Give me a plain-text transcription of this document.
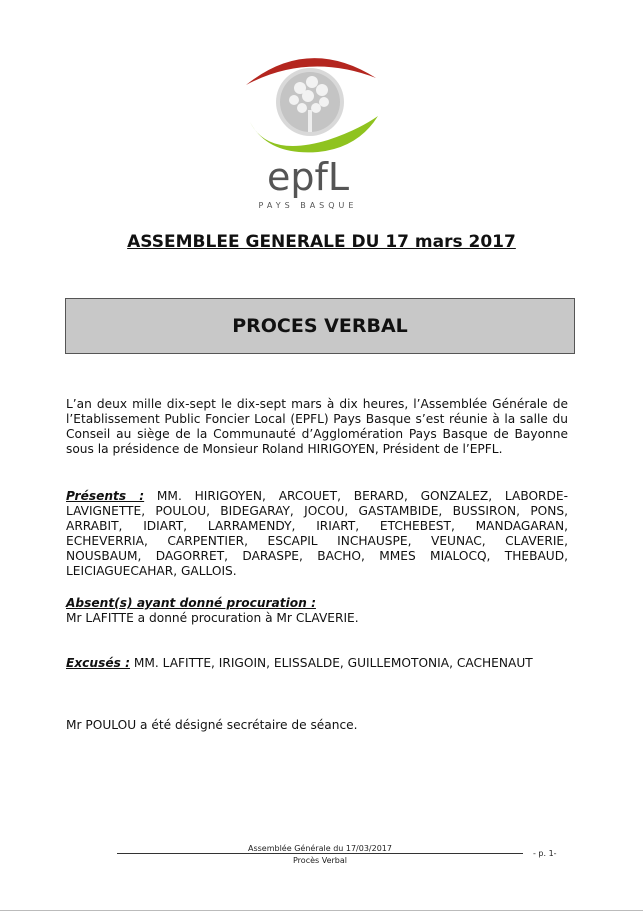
epfL
PAYS BASQUE
ASSEMBLEE GENERALE DU 17 mars 2017
PROCES VERBAL
L’an deux mille dix-sept le dix-sept mars à dix heures, l’Assemblée Générale de l’Etablissement Public Foncier Local (EPFL) Pays Basque s’est réunie à la salle du Conseil au siège de la Communauté d’Agglomération Pays Basque de Bayonne sous la présidence de Monsieur Roland HIRIGOYEN, Président de l’EPFL.
Présents : MM. HIRIGOYEN, ARCOUET, BERARD, GONZALEZ, LABORDE-LAVIGNETTE, POULOU, BIDEGARAY, JOCOU, GASTAMBIDE, BUSSIRON, PONS, ARRABIT, IDIART, LARRAMENDY, IRIART, ETCHEBEST, MANDAGARAN, ECHEVERRIA, CARPENTIER, ESCAPIL INCHAUSPE, VEUNAC, CLAVERIE, NOUSBAUM, DAGORRET, DARASPE, BACHO, MMES MIALOCQ, THEBAUD, LEICIAGUECAHAR, GALLOIS.
Absent(s) ayant donné procuration :
Mr LAFITTE a donné procuration à Mr CLAVERIE.
Excusés : MM. LAFITTE, IRIGOIN, ELISSALDE, GUILLEMOTONIA, CACHENAUT
Mr POULOU a été désigné secrétaire de séance.
Assemblée Générale du 17/03/2017
Procès Verbal
- p. 1-
